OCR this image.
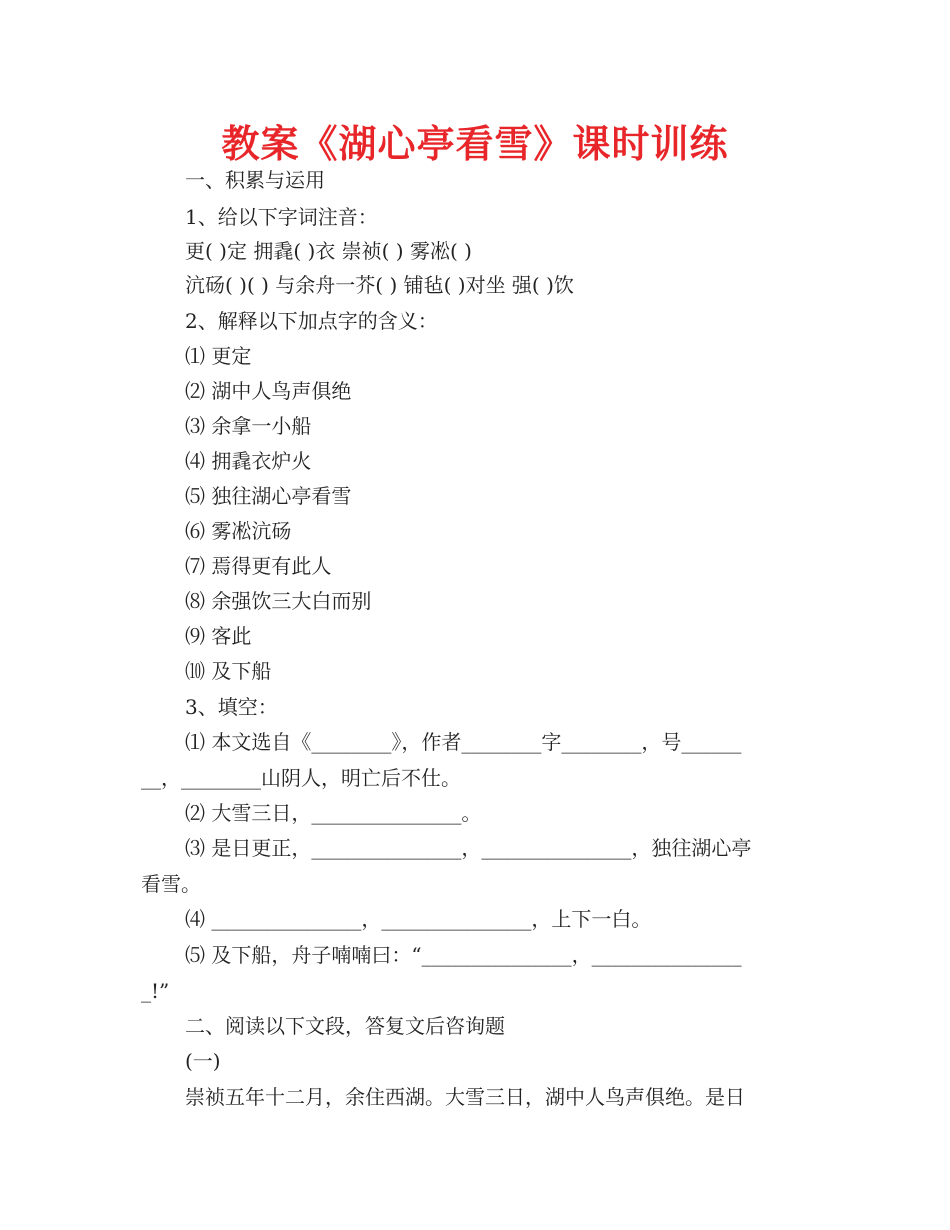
教案《湖心亭看雪》课时训练
一、积累与运用
1、给以下字词注音：
更( )定 拥毳( )衣 崇祯( ) 雾凇( )
沆砀( )( ) 与余舟一芥( ) 铺毡( )对坐 强( )饮
2、解释以下加点字的含义：
⑴ 更定
⑵ 湖中人鸟声俱绝
⑶ 余拿一小船
⑷ 拥毳衣炉火
⑸ 独往湖心亭看雪
⑹ 雾凇沆砀
⑺ 焉得更有此人
⑻ 余强饮三大白而别
⑼ 客此
⑽ 及下船
3、填空：
⑴ 本文选自《________》，作者________字________，号______
__，________山阴人，明亡后不仕。
⑵ 大雪三日，_______________。
⑶ 是日更正，_______________，_______________，独往湖心亭
看雪。
⑷ _______________，_______________，上下一白。
⑸ 及下船，舟子喃喃曰：“_______________，_______________
_!”
二、阅读以下文段，答复文后咨询题
(一)
崇祯五年十二月，余住西湖。大雪三日，湖中人鸟声俱绝。是日
